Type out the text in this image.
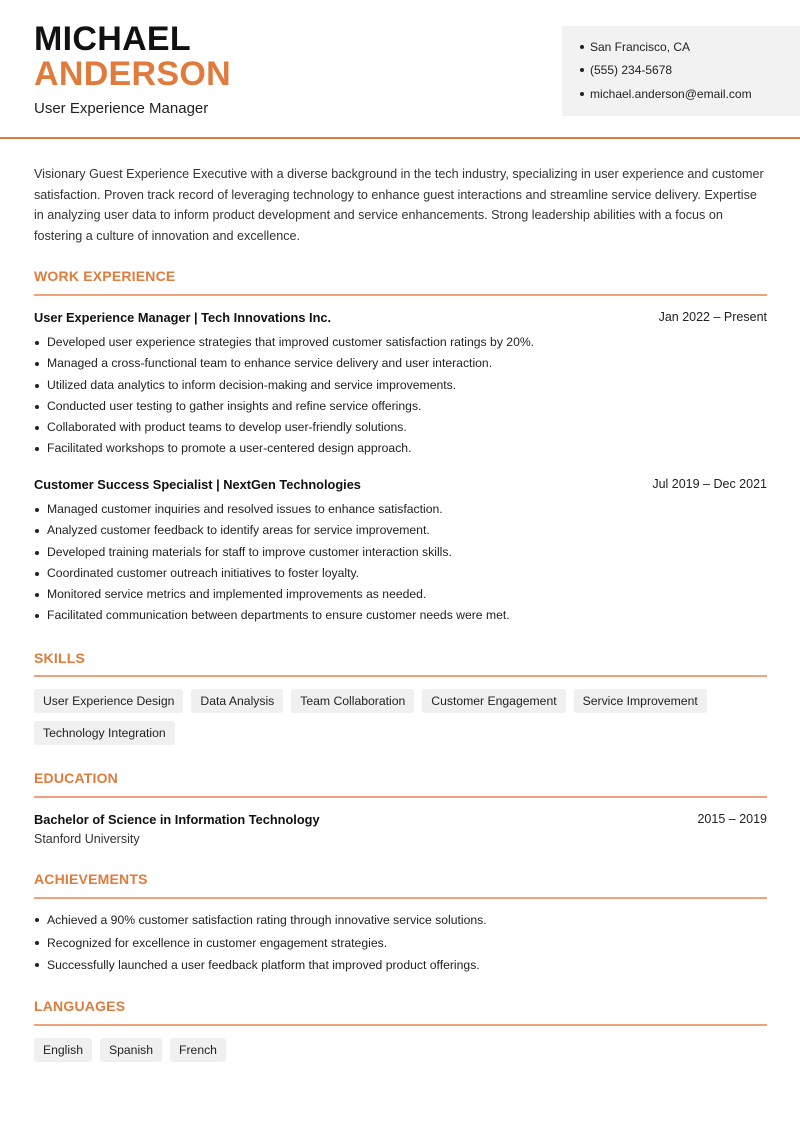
MICHAEL
ANDERSON
User Experience Manager
San Francisco, CA
(555) 234-5678
michael.anderson@email.com
Visionary Guest Experience Executive with a diverse background in the tech industry, specializing in user experience and customer satisfaction. Proven track record of leveraging technology to enhance guest interactions and streamline service delivery. Expertise in analyzing user data to inform product development and service enhancements. Strong leadership abilities with a focus on fostering a culture of innovation and excellence.
WORK EXPERIENCE
User Experience Manager | Tech Innovations Inc.	Jan 2022 – Present
Developed user experience strategies that improved customer satisfaction ratings by 20%.
Managed a cross-functional team to enhance service delivery and user interaction.
Utilized data analytics to inform decision-making and service improvements.
Conducted user testing to gather insights and refine service offerings.
Collaborated with product teams to develop user-friendly solutions.
Facilitated workshops to promote a user-centered design approach.
Customer Success Specialist | NextGen Technologies	Jul 2019 – Dec 2021
Managed customer inquiries and resolved issues to enhance satisfaction.
Analyzed customer feedback to identify areas for service improvement.
Developed training materials for staff to improve customer interaction skills.
Coordinated customer outreach initiatives to foster loyalty.
Monitored service metrics and implemented improvements as needed.
Facilitated communication between departments to ensure customer needs were met.
SKILLS
User Experience Design	Data Analysis	Team Collaboration	Customer Engagement	Service Improvement
Technology Integration
EDUCATION
Bachelor of Science in Information Technology	2015 – 2019
Stanford University
ACHIEVEMENTS
Achieved a 90% customer satisfaction rating through innovative service solutions.
Recognized for excellence in customer engagement strategies.
Successfully launched a user feedback platform that improved product offerings.
LANGUAGES
English	Spanish	French
